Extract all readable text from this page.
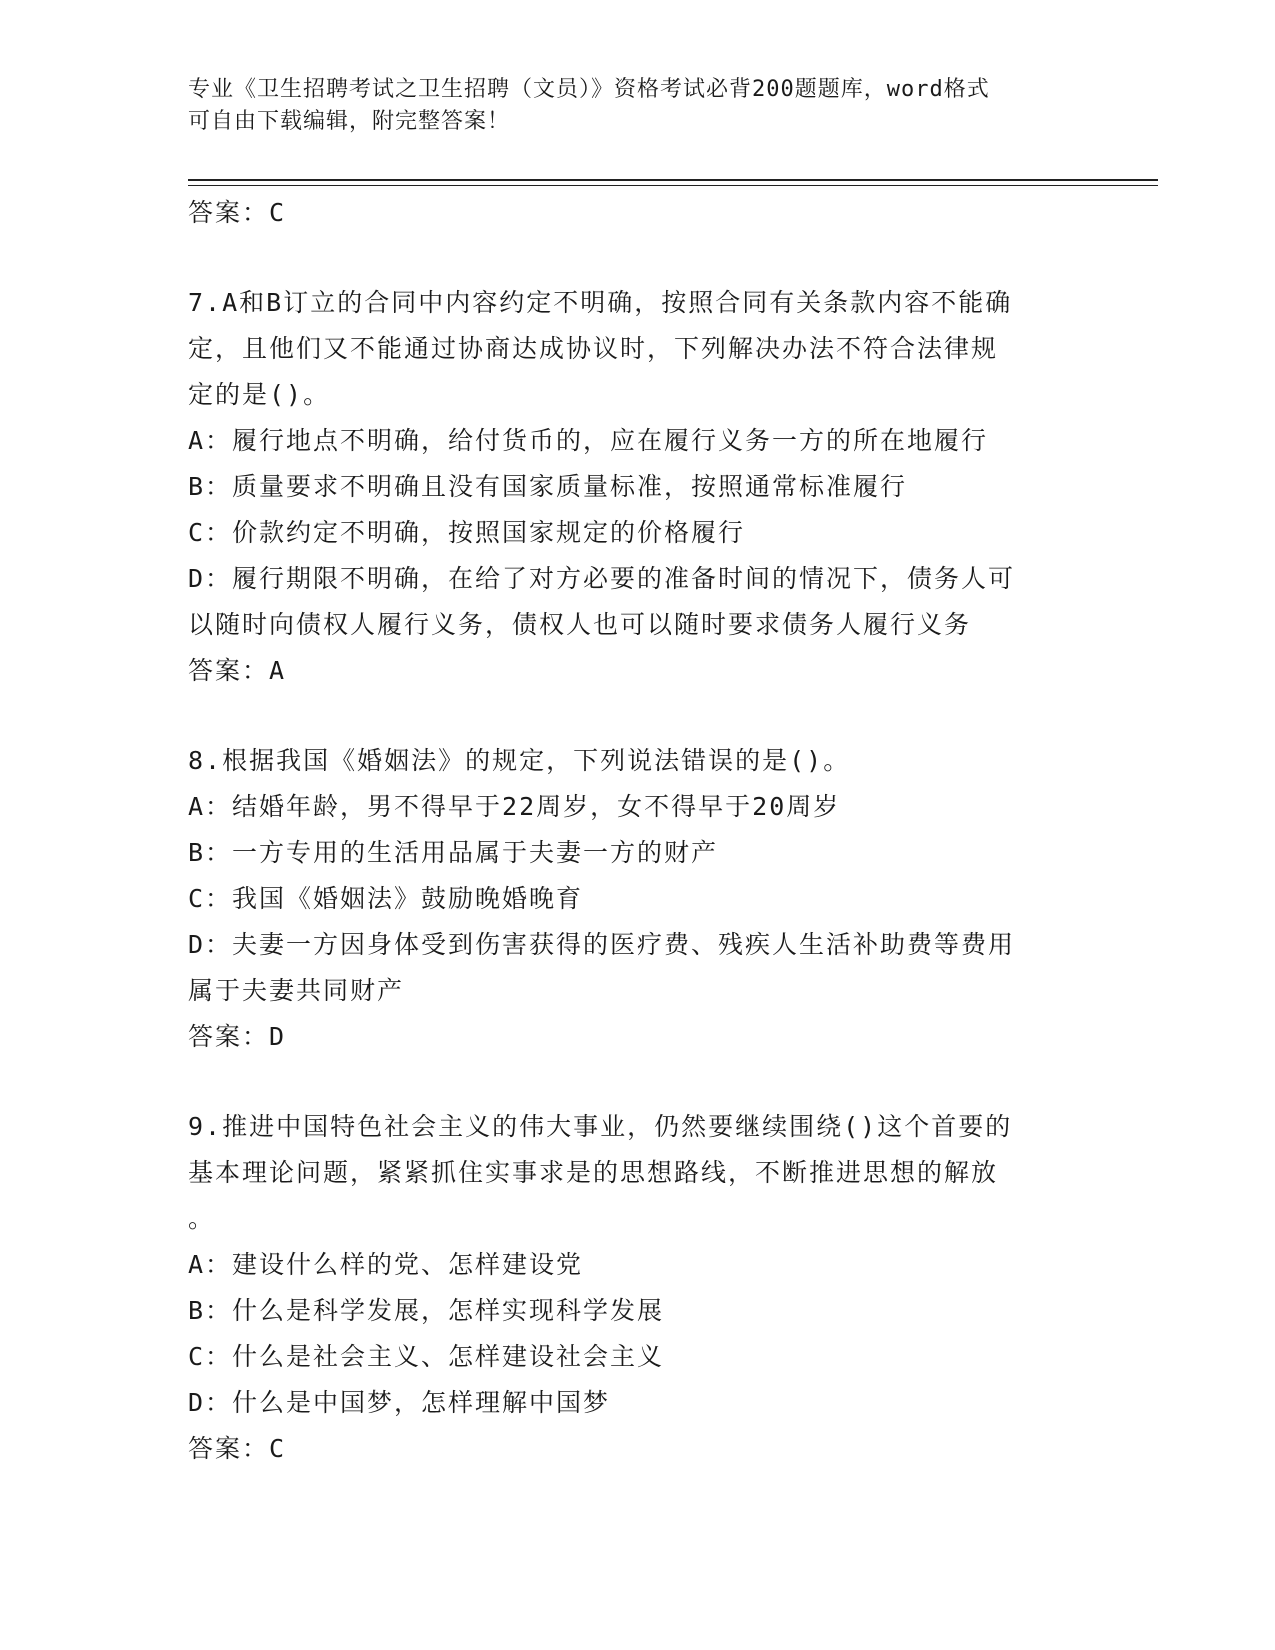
专业《卫生招聘考试之卫生招聘（文员）》资格考试必背200题题库，word格式
可自由下载编辑，附完整答案！
答案：C
7.A和B订立的合同中内容约定不明确，按照合同有关条款内容不能确
定，且他们又不能通过协商达成协议时，下列解决办法不符合法律规
定的是()。
A：履行地点不明确，给付货币的，应在履行义务一方的所在地履行
B：质量要求不明确且没有国家质量标准，按照通常标准履行
C：价款约定不明确，按照国家规定的价格履行
D：履行期限不明确，在给了对方必要的准备时间的情况下，债务人可
以随时向债权人履行义务，债权人也可以随时要求债务人履行义务
答案：A
8.根据我国《婚姻法》的规定，下列说法错误的是()。
A：结婚年龄，男不得早于22周岁，女不得早于20周岁
B：一方专用的生活用品属于夫妻一方的财产
C：我国《婚姻法》鼓励晚婚晚育
D：夫妻一方因身体受到伤害获得的医疗费、残疾人生活补助费等费用
属于夫妻共同财产
答案：D
9.推进中国特色社会主义的伟大事业，仍然要继续围绕()这个首要的
基本理论问题，紧紧抓住实事求是的思想路线，不断推进思想的解放
。
A：建设什么样的党、怎样建设党
B：什么是科学发展，怎样实现科学发展
C：什么是社会主义、怎样建设社会主义
D：什么是中国梦，怎样理解中国梦
答案：C
